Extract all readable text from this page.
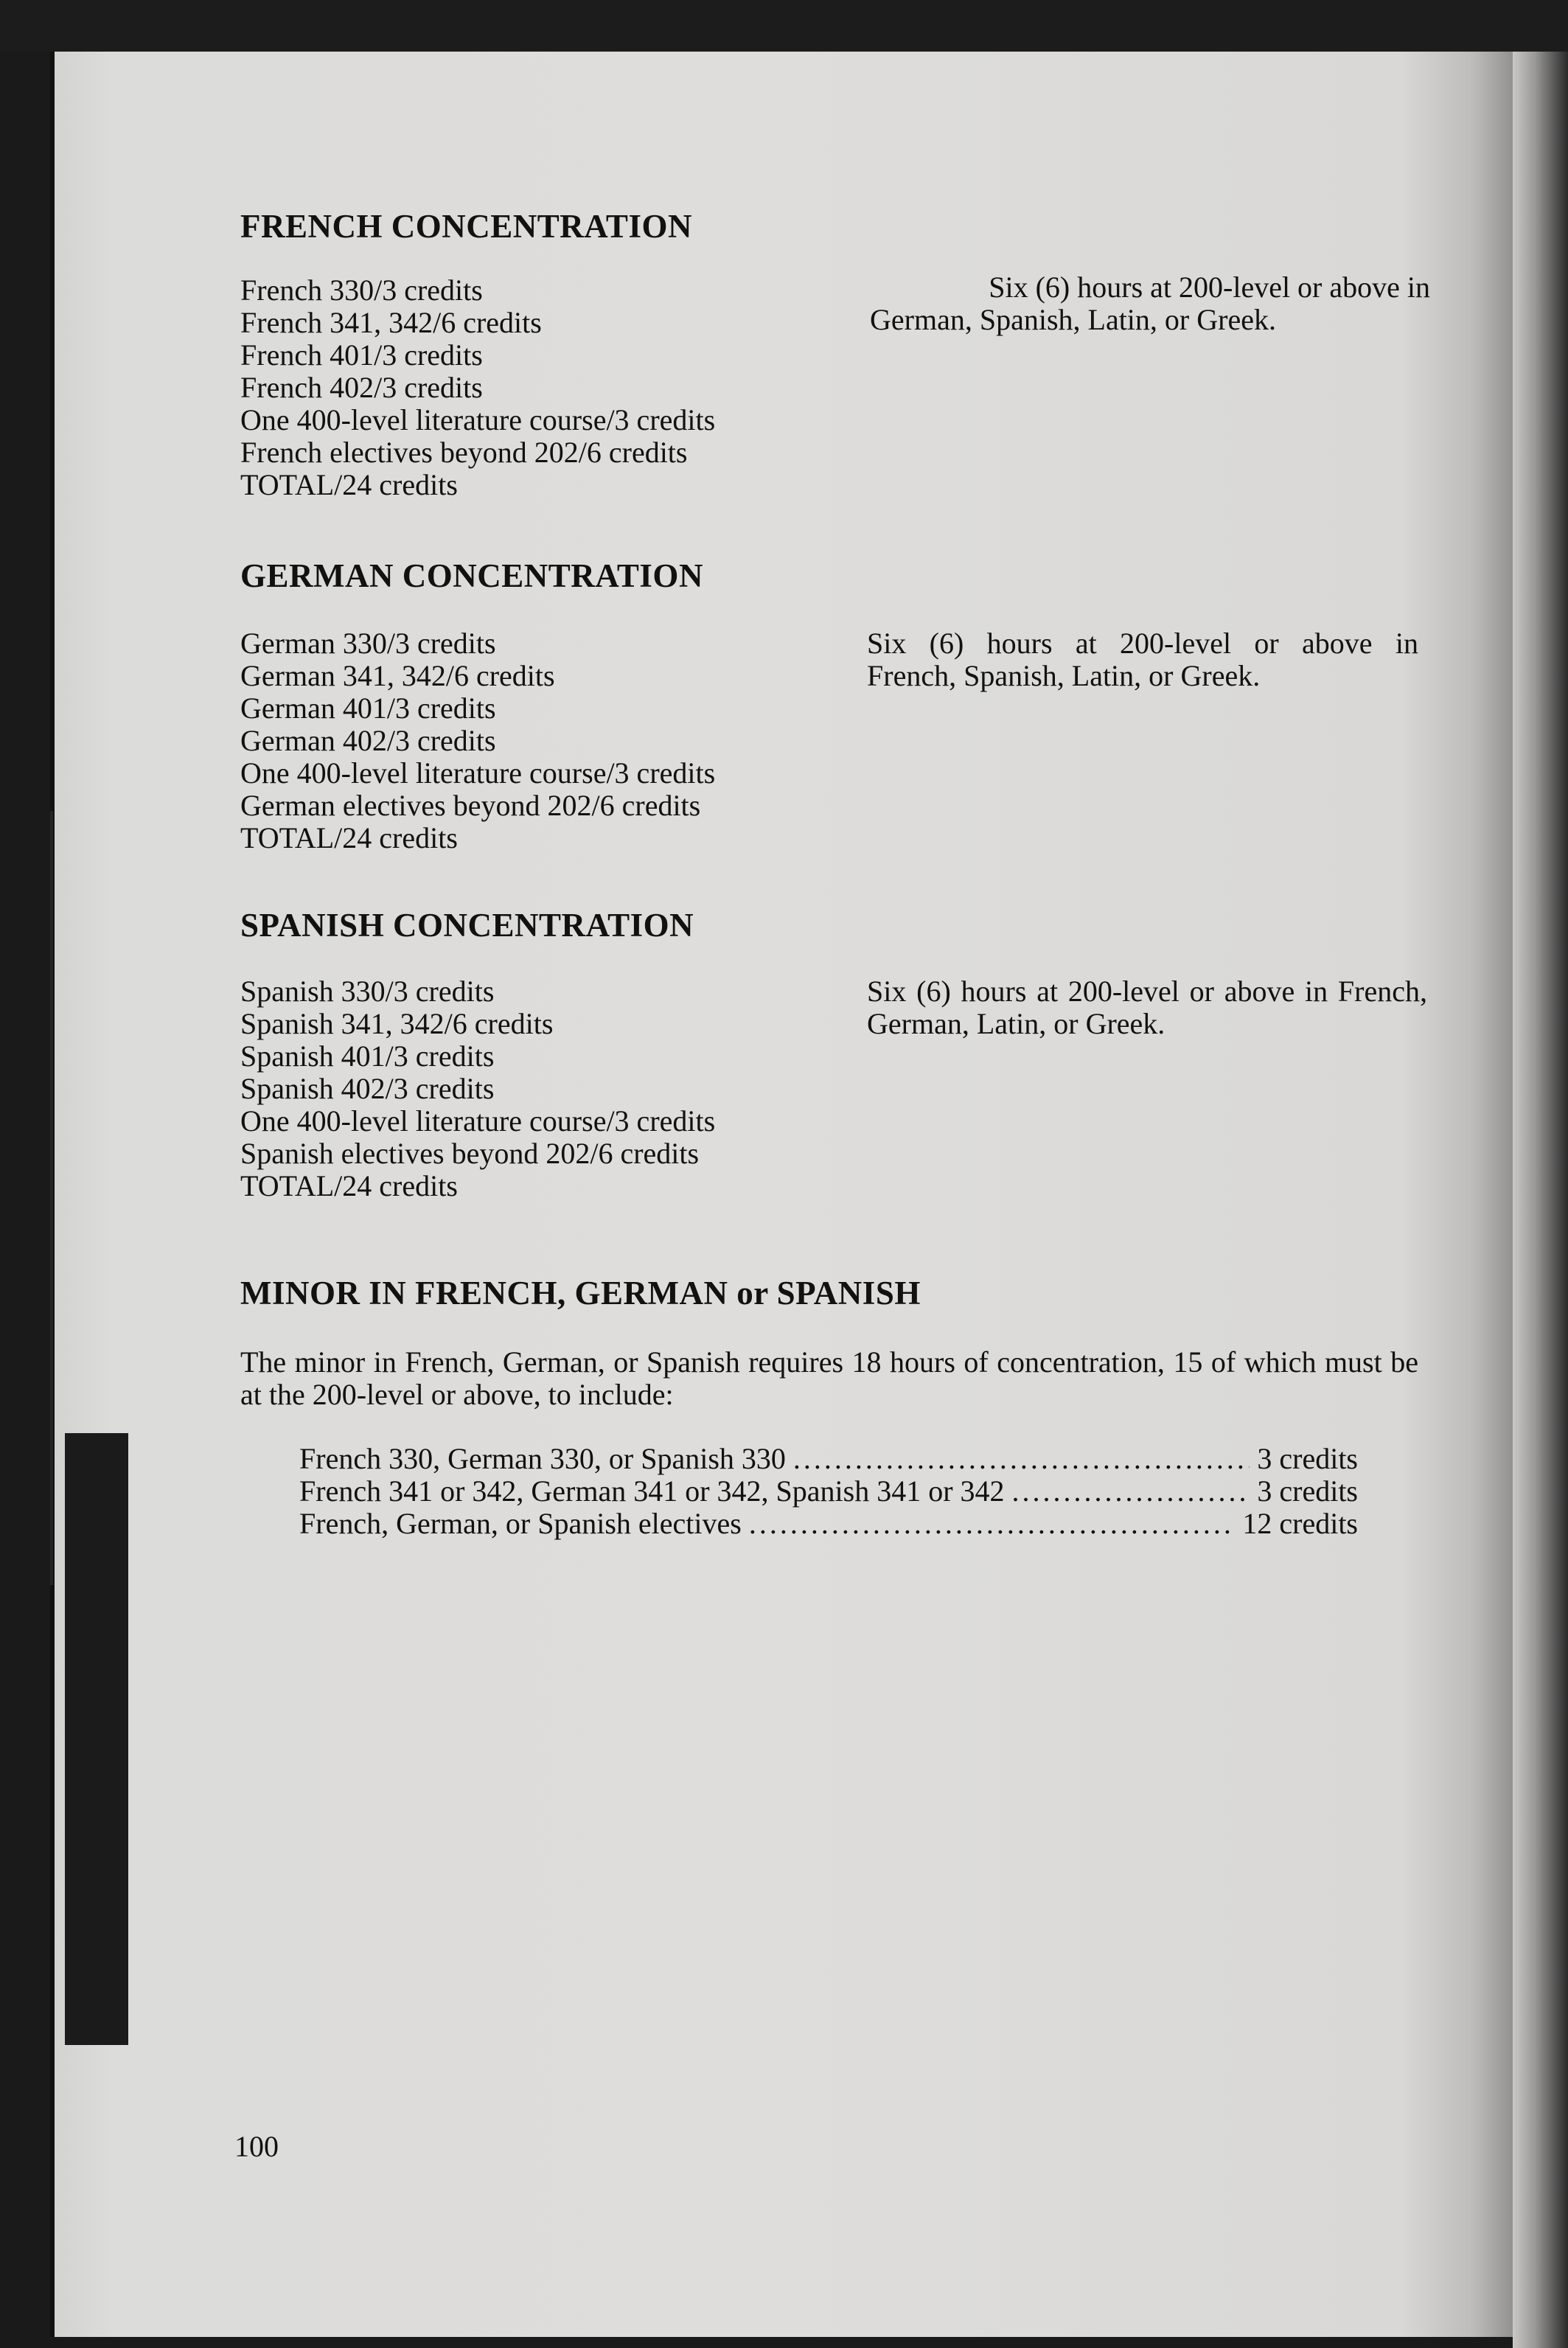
FRENCH CONCENTRATION
French 330/3 credits
French 341, 342/6 credits
French 401/3 credits
French 402/3 credits
One 400-level literature course/3 credits
French electives beyond 202/6 credits
TOTAL/24 credits

Six (6) hours at 200-level or above in
German, Spanish, Latin, or Greek.

GERMAN CONCENTRATION
German 330/3 credits
German 341, 342/6 credits
German 401/3 credits
German 402/3 credits
One 400-level literature course/3 credits
German electives beyond 202/6 credits
TOTAL/24 credits

Six (6) hours at 200-level or above in
French, Spanish, Latin, or Greek.

SPANISH CONCENTRATION
Spanish 330/3 credits
Spanish 341, 342/6 credits
Spanish 401/3 credits
Spanish 402/3 credits
One 400-level literature course/3 credits
Spanish electives beyond 202/6 credits
TOTAL/24 credits

Six (6) hours at 200-level or above in French,
German, Latin, or Greek.

MINOR IN FRENCH, GERMAN or SPANISH

The minor in French, German, or Spanish requires 18 hours of concentration, 15 of which must be at the 200-level or above, to include:

French 330, German 330, or Spanish 330 . . .	3 credits
French 341 or 342, German 341 or 342, Spanish 341 or 342 . . .	3 credits
French, German, or Spanish electives . . .	12 credits
100
